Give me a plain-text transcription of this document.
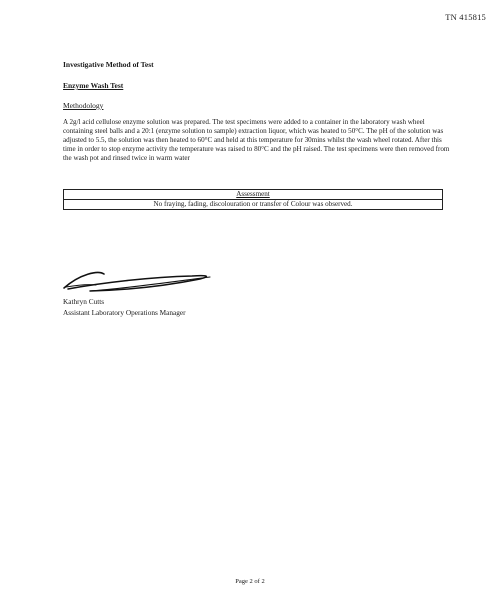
TN 415815
Investigative Method of Test
Enzyme Wash Test
Methodology

A 2g/l acid cellulose enzyme solution was prepared. The test specimens were added to a container in the laboratory wash wheel containing steel balls and a 20:1 (enzyme solution to sample) extraction liquor, which was heated to 50°C. The pH of the solution was adjusted to 5.5, the solution was then heated to 60°C and held at this temperature for 30mins whilst the wash wheel rotated. After this time in order to stop enzyme activity the temperature was raised to 80°C and the pH raised. The test specimens were then removed from the wash pot and rinsed twice in warm water

Assessment
No fraying, fading, discolouration or transfer of Colour was observed.
Kathryn Cutts
Assistant Laboratory Operations Manager
Page 2 of 2
